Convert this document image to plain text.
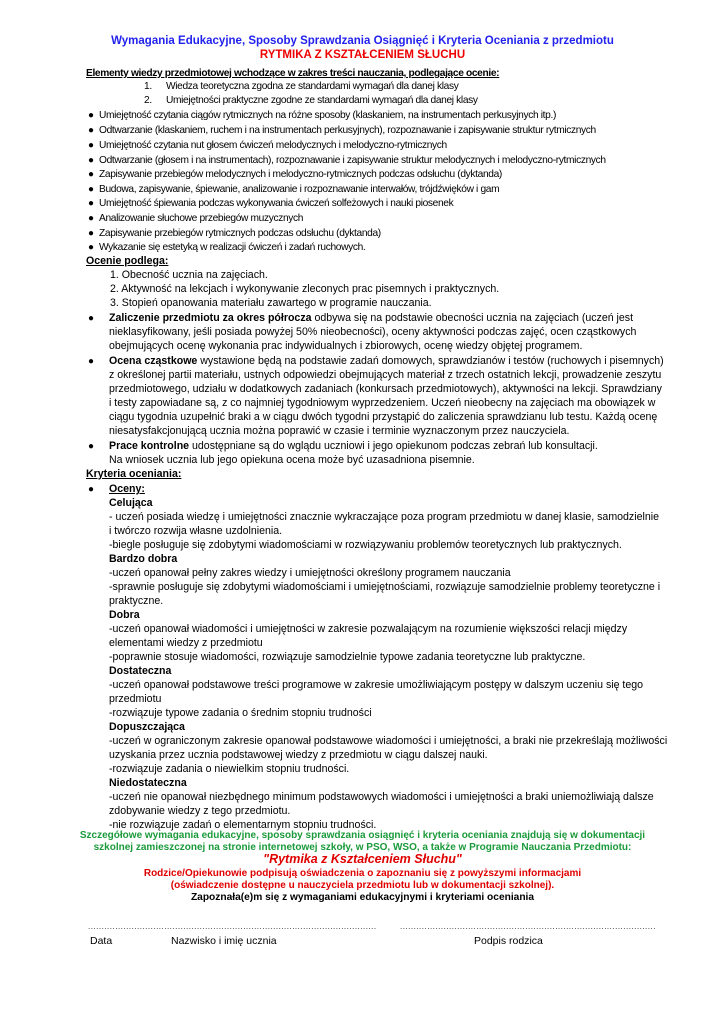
Wymagania Edukacyjne, Sposoby Sprawdzania Osiągnięć i Kryteria Oceniania z przedmiotu
RYTMIKA Z KSZTAŁCENIEM SŁUCHU
Elementy wiedzy przedmiotowej wchodzące w zakres treści nauczania, podlegające ocenie:
1. Wiedza teoretyczna zgodna ze standardami wymagań dla danej klasy
2. Umiejętności praktyczne zgodne ze standardami wymagań dla danej klasy
● Umiejętność czytania ciągów rytmicznych na różne sposoby (klaskaniem, na instrumentach perkusyjnych itp.)
● Odtwarzanie (klaskaniem, ruchem i na instrumentach perkusyjnych), rozpoznawanie i zapisywanie struktur rytmicznych
● Umiejętność czytania nut głosem ćwiczeń melodycznych i melodyczno-rytmicznych
● Odtwarzanie (głosem i na instrumentach), rozpoznawanie i zapisywanie struktur melodycznych i melodyczno-rytmicznych
● Zapisywanie przebiegów melodycznych i melodyczno-rytmicznych podczas odsłuchu (dyktanda)
● Budowa, zapisywanie, śpiewanie, analizowanie i rozpoznawanie interwałów, trójdźwięków i gam
● Umiejętność śpiewania podczas wykonywania ćwiczeń solfeżowych i nauki piosenek
● Analizowanie słuchowe przebiegów muzycznych
● Zapisywanie przebiegów rytmicznych podczas odsłuchu (dyktanda)
● Wykazanie się estetyką w realizacji ćwiczeń i zadań ruchowych.
Ocenie podlega:
1. Obecność ucznia na zajęciach.
2. Aktywność na lekcjach i wykonywanie zleconych prac pisemnych i praktycznych.
3. Stopień opanowania materiału zawartego w programie nauczania.
● Zaliczenie przedmiotu za okres półrocza odbywa się na podstawie obecności ucznia na zajęciach (uczeń jest
nieklasyfikowany, jeśli posiada powyżej 50% nieobecności), oceny aktywności podczas zajęć, ocen cząstkowych
obejmujących ocenę wykonania prac indywidualnych i zbiorowych, ocenę wiedzy objętej programem.
● Ocena cząstkowe wystawione będą na podstawie zadań domowych, sprawdzianów i testów (ruchowych i pisemnych)
z określonej partii materiału, ustnych odpowiedzi obejmujących materiał z trzech ostatnich lekcji, prowadzenie zeszytu
przedmiotowego, udziału w dodatkowych zadaniach (konkursach przedmiotowych), aktywności na lekcji. Sprawdziany
i testy zapowiadane są, z co najmniej tygodniowym wyprzedzeniem. Uczeń nieobecny na zajęciach ma obowiązek w
ciągu tygodnia uzupełnić braki a w ciągu dwóch tygodni przystąpić do zaliczenia sprawdzianu lub testu. Każdą ocenę
niesatysfakcjonującą ucznia można poprawić w czasie i terminie wyznaczonym przez nauczyciela.
● Prace kontrolne udostępniane są do wglądu uczniowi i jego opiekunom podczas zebrań lub konsultacji.
Na wniosek ucznia lub jego opiekuna ocena może być uzasadniona pisemnie.
Kryteria oceniania:
● Oceny:
Celująca
- uczeń posiada wiedzę i umiejętności znacznie wykraczające poza program przedmiotu w danej klasie, samodzielnie
i twórczo rozwija własne uzdolnienia.
-biegle posługuje się zdobytymi wiadomościami w rozwiązywaniu problemów teoretycznych lub praktycznych.
Bardzo dobra
-uczeń opanował pełny zakres wiedzy i umiejętności określony programem nauczania
-sprawnie posługuje się zdobytymi wiadomościami i umiejętnościami, rozwiązuje samodzielnie problemy teoretyczne i
praktyczne.
Dobra
-uczeń opanował wiadomości i umiejętności w zakresie pozwalającym na rozumienie większości relacji między
elementami wiedzy z przedmiotu
-poprawnie stosuje wiadomości, rozwiązuje samodzielnie typowe zadania teoretyczne lub praktyczne.
Dostateczna
-uczeń opanował podstawowe treści programowe w zakresie umożliwiającym postępy w dalszym uczeniu się tego
przedmiotu
-rozwiązuje typowe zadania o średnim stopniu trudności
Dopuszczająca
-uczeń w ograniczonym zakresie opanował podstawowe wiadomości i umiejętności, a braki nie przekreślają możliwości
uzyskania przez ucznia podstawowej wiedzy z przedmiotu w ciągu dalszej nauki.
-rozwiązuje zadania o niewielkim stopniu trudności.
Niedostateczna
-uczeń nie opanował niezbędnego minimum podstawowych wiadomości i umiejętności a braki uniemożliwiają dalsze
zdobywanie wiedzy z tego przedmiotu.
-nie rozwiązuje zadań o elementarnym stopniu trudności.
Szczegółowe wymagania edukacyjne, sposoby sprawdzania osiągnięć i kryteria oceniania znajdują się w dokumentacji
szkolnej zamieszczonej na stronie internetowej szkoły, w PSO, WSO, a także w Programie Nauczania Przedmiotu:
"Rytmika z Kształceniem Słuchu"
Rodzice/Opiekunowie podpisują oświadczenia o zapoznaniu się z powyższymi informacjami
(oświadczenie dostępne u nauczyciela przedmiotu lub w dokumentacji szkolnej).
Zapoznała(e)m się z wymaganiami edukacyjnymi i kryteriami oceniania
..........................................................................................................	..............................................................................................
Data	Nazwisko i imię ucznia	Podpis rodzica
